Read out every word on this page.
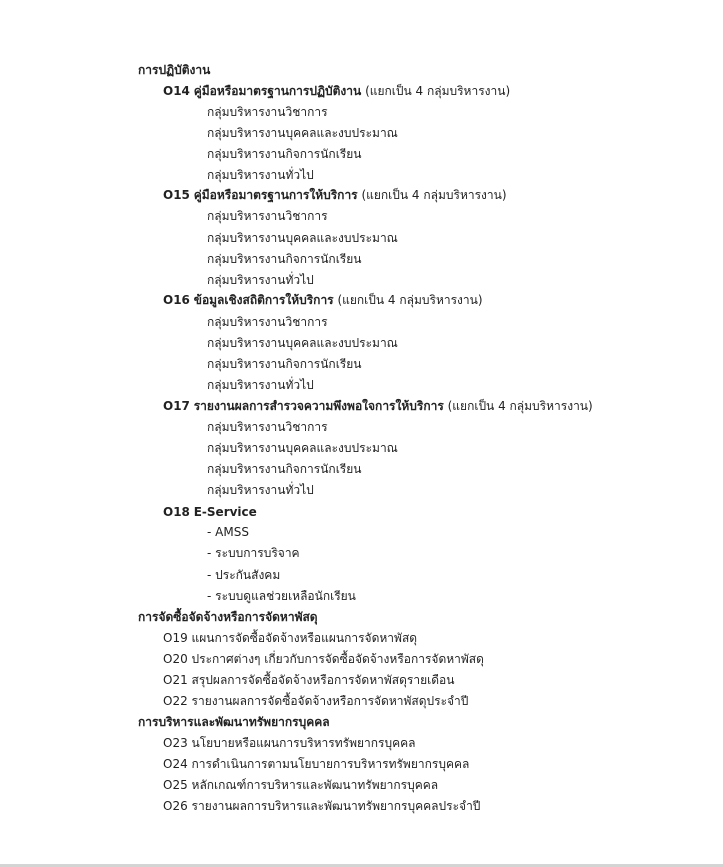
การปฏิบัติงาน
O14 คู่มือหรือมาตรฐานการปฏิบัติงาน (แยกเป็น 4 กลุ่มบริหารงาน)
กลุ่มบริหารงานวิชาการ
กลุ่มบริหารงานบุคคลและงบประมาณ
กลุ่มบริหารงานกิจการนักเรียน
กลุ่มบริหารงานทั่วไป
O15 คู่มือหรือมาตรฐานการให้บริการ (แยกเป็น 4 กลุ่มบริหารงาน)
กลุ่มบริหารงานวิชาการ
กลุ่มบริหารงานบุคคลและงบประมาณ
กลุ่มบริหารงานกิจการนักเรียน
กลุ่มบริหารงานทั่วไป
O16 ข้อมูลเชิงสถิติการให้บริการ (แยกเป็น 4 กลุ่มบริหารงาน)
กลุ่มบริหารงานวิชาการ
กลุ่มบริหารงานบุคคลและงบประมาณ
กลุ่มบริหารงานกิจการนักเรียน
กลุ่มบริหารงานทั่วไป
O17 รายงานผลการสำรวจความพึงพอใจการให้บริการ (แยกเป็น 4 กลุ่มบริหารงาน)
กลุ่มบริหารงานวิชาการ
กลุ่มบริหารงานบุคคลและงบประมาณ
กลุ่มบริหารงานกิจการนักเรียน
กลุ่มบริหารงานทั่วไป
O18 E-Service
- AMSS
- ระบบการบริจาค
- ประกันสังคม
- ระบบดูแลช่วยเหลือนักเรียน
การจัดซื้อจัดจ้างหรือการจัดหาพัสดุ
O19 แผนการจัดซื้อจัดจ้างหรือแผนการจัดหาพัสดุ
O20 ประกาศต่างๆ เกี่ยวกับการจัดซื้อจัดจ้างหรือการจัดหาพัสดุ
O21 สรุปผลการจัดซื้อจัดจ้างหรือการจัดหาพัสดุรายเดือน
O22 รายงานผลการจัดซื้อจัดจ้างหรือการจัดหาพัสดุประจำปี
การบริหารและพัฒนาทรัพยากรบุคคล
O23 นโยบายหรือแผนการบริหารทรัพยากรบุคคล
O24 การดำเนินการตามนโยบายการบริหารทรัพยากรบุคคล
O25 หลักเกณฑ์การบริหารและพัฒนาทรัพยากรบุคคล
O26 รายงานผลการบริหารและพัฒนาทรัพยากรบุคคลประจำปี
